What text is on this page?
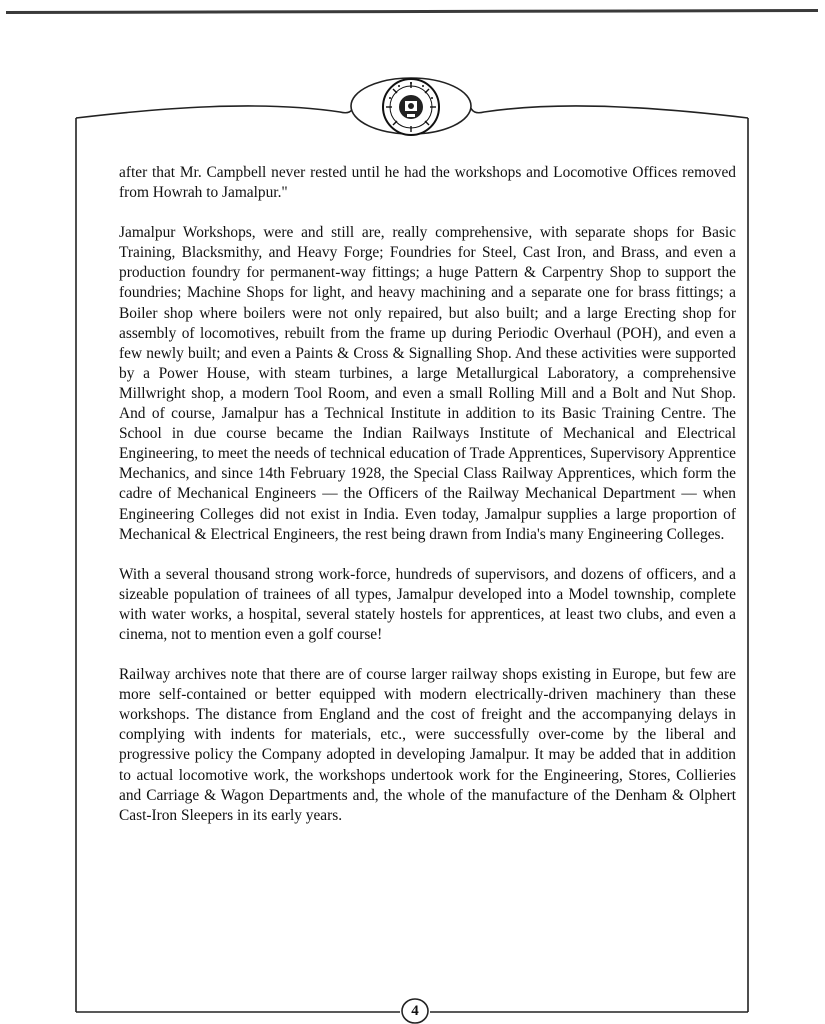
after that Mr. Campbell never rested until he had the workshops and Locomotive Offices removed from Howrah to Jamalpur."

Jamalpur Workshops, were and still are, really comprehensive, with separate shops for Basic Training, Blacksmithy, and Heavy Forge; Foundries for Steel, Cast Iron, and Brass, and even a production foundry for permanent-way fittings; a huge Pattern & Carpentry Shop to support the foundries; Machine Shops for light, and heavy machining and a separate one for brass fittings; a Boiler shop where boilers were not only repaired, but also built; and a large Erecting shop for assembly of locomotives, rebuilt from the frame up during Periodic Overhaul (POH), and even a few newly built; and even a Paints & Cross & Signalling Shop. And these activities were supported by a Power House, with steam turbines, a large Metallurgical Laboratory, a comprehensive Millwright shop, a modern Tool Room, and even a small Rolling Mill and a Bolt and Nut Shop. And of course, Jamalpur has a Technical Institute in addition to its Basic Training Centre. The School in due course became the Indian Railways Institute of Mechanical and Electrical Engineering, to meet the needs of technical education of Trade Apprentices, Supervisory Apprentice Mechanics, and since 14th February 1928, the Special Class Railway Apprentices, which form the cadre of Mechanical Engineers — the Officers of the Railway Mechanical Department — when Engineering Colleges did not exist in India. Even today, Jamalpur supplies a large proportion of Mechanical & Electrical Engineers, the rest being drawn from India's many Engineering Colleges.

With a several thousand strong work-force, hundreds of supervisors, and dozens of officers, and a sizeable population of trainees of all types, Jamalpur developed into a Model township, complete with water works, a hospital, several stately hostels for apprentices, at least two clubs, and even a cinema, not to mention even a golf course!

Railway archives note that there are of course larger railway shops existing in Europe, but few are more self-contained or better equipped with modern electrically-driven machinery than these workshops. The distance from England and the cost of freight and the accompanying delays in complying with indents for materials, etc., were successfully over-come by the liberal and progressive policy the Company adopted in developing Jamalpur. It may be added that in addition to actual locomotive work, the workshops undertook work for the Engineering, Stores, Collieries and Carriage & Wagon Departments and, the whole of the manufacture of the Denham & Olphert Cast-Iron Sleepers in its early years.

4
